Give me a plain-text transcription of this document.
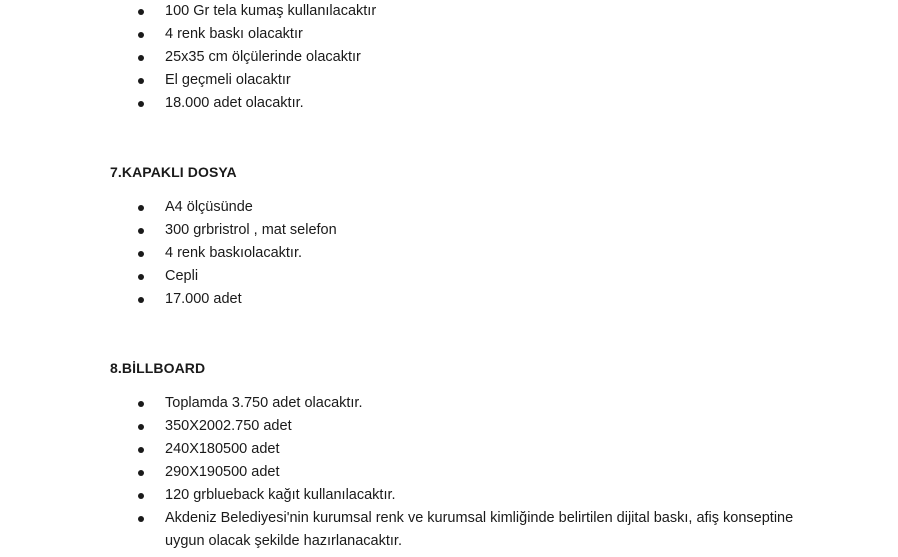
100 Gr tela kumaş kullanılacaktır
4 renk baskı olacaktır
25x35 cm ölçülerinde olacaktır
El geçmeli olacaktır
18.000 adet olacaktır.
7.KAPAKLI DOSYA
A4 ölçüsünde
300 grbristrol , mat selefon
4 renk baskıolacaktır.
Cepli
17.000 adet
8.BİLLBOARD
Toplamda 3.750 adet olacaktır.
350X2002.750 adet
240X180500 adet
290X190500 adet
120 grblueback kağıt kullanılacaktır.
Akdeniz Belediyesi'nin kurumsal renk ve kurumsal kimliğinde belirtilen dijital baskı, afiş konseptine uygun olacak şekilde hazırlanacaktır.
